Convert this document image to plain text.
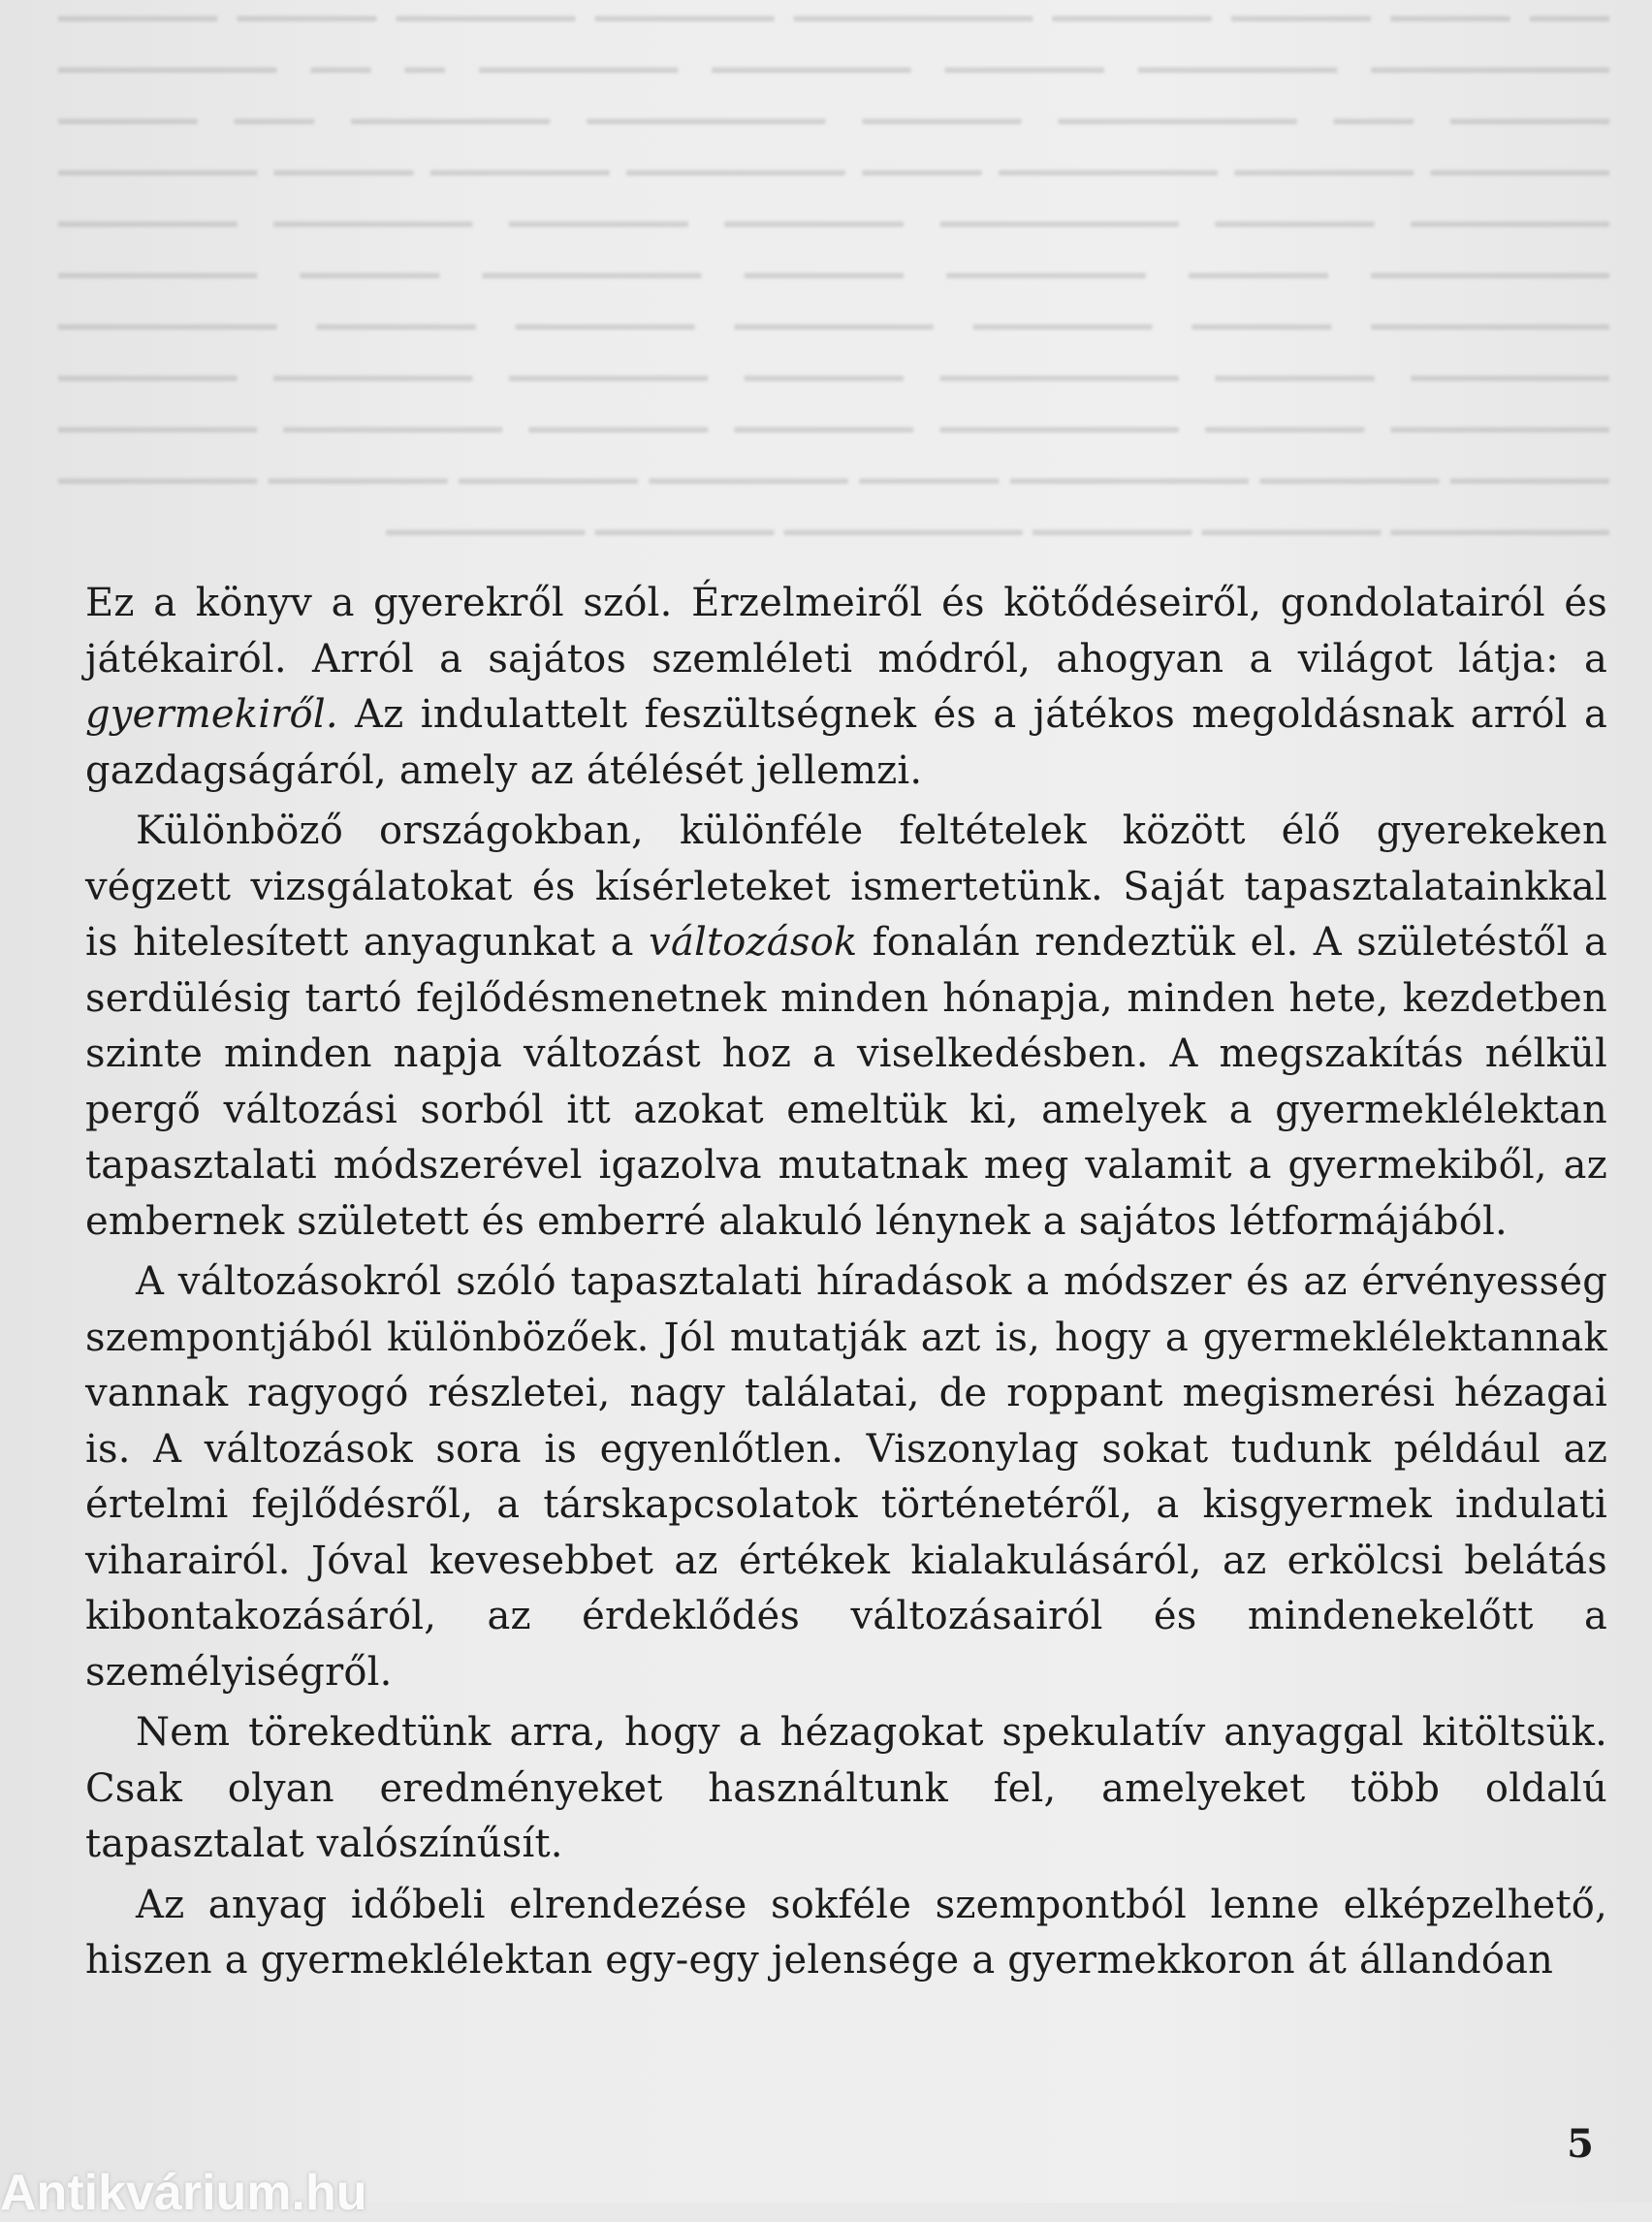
━━━━ ━━━━━━ ━━━━━━━ ━━━━━━━━ ━━━━━━━━━━━━ ━━━━━━━━━ ━━━━━━━━━ ━━━━━━━ ━━━━━━━━ ━━━━━━━━━━━━ ━━━━━━━━━━ ━━━━━━━━ ━━━━━━━━━━ ━━━━━━━━━━ ━━ ━━━ ━━━━━━━━━━━ ━━━━━━━━ ━━━━ ━━━━━━━━━━━━ ━━━━━━━━ ━━━━━━━━━━━━ ━━━━━━━━━━ ━━━━ ━━━━━━━ ━━━━━━━━━ ━━━━━━━━━ ━━━━━━━━━━━ ━━━━━━ ━━━━━━━━━━━ ━━━━━━━━━ ━━━━━━━ ━━━━━━━━━━ ━━━━━━━━━━ ━━━━━━━━ ━━━━━━━━━━━━ ━━━━━━━━━ ━━━━━━━━━ ━━━━━━━━━━ ━━━━━━━━━ ━━━━━━━━━━━━ ━━━━━━━ ━━━━━━━━━━ ━━━━━━━━ ━━━━━━━━━━━ ━━━━━━━ ━━━━━━━━━━ ━━━━━━━━━━━━ ━━━━━━━ ━━━━━━━━━ ━━━━━━━━━━ ━━━━━━━━━ ━━━━━━━━ ━━━━━━━━━━━ ━━━━━━━━━━ ━━━━━━━━ ━━━━━━━━━━━━ ━━━━━━━━ ━━━━━━━━━━ ━━━━━━━━━━ ━━━━━━━━━ ━━━━━━━━━━━ ━━━━━━━━ ━━━━━━━━━━━━ ━━━━━━━━━ ━━━━━━━━━ ━━━━━━━━━━━ ━━━━━━━━━━ ━━━━━━━━ ━━━━━━━━━ ━━━━━━━━━━━━ ━━━━━━━ ━━━━━━━━━━ ━━━━━━━━━ ━━━━━━━━━ ━━━━━━━━━━ ━━━━━━━━━━━ ━━━━━━━━━ ━━━━━━━━ ━━━━━━━━━━━━ ━━━━━━━━━ ━━━━━━━━━━

Ez a könyv a gyerekről szól. Érzelmeiről és kötődéseiről, gondolatairól és játékairól. Arról a sajátos szemléleti módról, ahogyan a világot látja: a gyermekiről. Az indulattelt feszültségnek és a játékos megoldásnak arról a gazdagságáról, amely az átélését jellemzi.

Különböző országokban, különféle feltételek között élő gyerekeken végzett vizsgálatokat és kísérleteket ismertetünk. Saját tapasztalatainkkal is hitelesített anyagunkat a változások fonalán rendeztük el. A születéstől a serdülésig tartó fejlődésmenetnek minden hónapja, minden hete, kezdetben szinte minden napja változást hoz a viselkedésben. A megszakítás nélkül pergő változási sorból itt azokat emeltük ki, amelyek a gyermeklélektan tapasztalati módszerével igazolva mutatnak meg valamit a gyermekiből, az embernek született és emberré alakuló lénynek a sajátos létformájából.

A változásokról szóló tapasztalati híradások a módszer és az érvényesség szempontjából különbözőek. Jól mutatják azt is, hogy a gyermeklélektannak vannak ragyogó részletei, nagy találatai, de roppant megismerési hézagai is. A változások sora is egyenlőtlen. Viszonylag sokat tudunk például az értelmi fejlődésről, a társkapcsolatok történetéről, a kisgyermek indulati viharairól. Jóval kevesebbet az értékek kialakulásáról, az erkölcsi belátás kibontakozásáról, az érdeklődés változásairól és mindenekelőtt a személyiségről.

Nem törekedtünk arra, hogy a hézagokat spekulatív anyaggal kitöltsük. Csak olyan eredményeket használtunk fel, amelyeket több oldalú tapasztalat valószínűsít.

Az anyag időbeli elrendezése sokféle szempontból lenne elképzelhető, hiszen a gyermeklélektan egy-egy jelensége a gyermekkoron át állandóan

5
Antikvárium.hu
